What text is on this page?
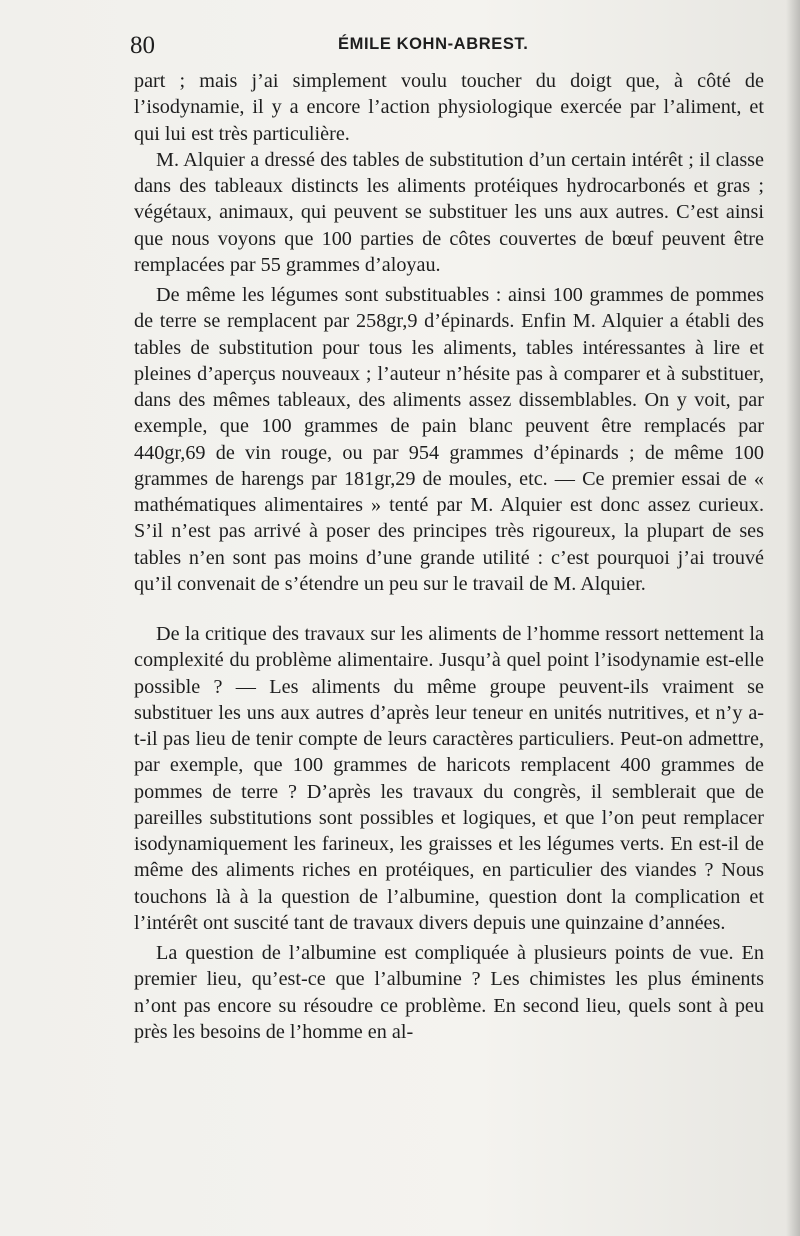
80	ÉMILE KOHN-ABREST.

part ; mais j’ai simplement voulu toucher du doigt que, à côté de l’isodynamie, il y a encore l’action physiologique exercée par l’aliment, et qui lui est très particulière.

M. Alquier a dressé des tables de substitution d’un certain intérêt ; il classe dans des tableaux distincts les aliments protéiques hydrocarbonés et gras ; végétaux, animaux, qui peuvent se substituer les uns aux autres. C’est ainsi que nous voyons que 100 parties de côtes couvertes de bœuf peuvent être remplacées par 55 grammes d’aloyau.

De même les légumes sont substituables : ainsi 100 grammes de pommes de terre se remplacent par 258gr,9 d’épinards. Enfin M. Alquier a établi des tables de substitution pour tous les aliments, tables intéressantes à lire et pleines d’aperçus nouveaux ; l’auteur n’hésite pas à comparer et à substituer, dans des mêmes tableaux, des aliments assez dissemblables. On y voit, par exemple, que 100 grammes de pain blanc peuvent être remplacés par 440gr,69 de vin rouge, ou par 954 grammes d’épinards ; de même 100 grammes de harengs par 181gr,29 de moules, etc. — Ce premier essai de « mathématiques alimentaires » tenté par M. Alquier est donc assez curieux. S’il n’est pas arrivé à poser des principes très rigoureux, la plupart de ses tables n’en sont pas moins d’une grande utilité : c’est pourquoi j’ai trouvé qu’il convenait de s’étendre un peu sur le travail de M. Alquier.

De la critique des travaux sur les aliments de l’homme ressort nettement la complexité du problème alimentaire. Jusqu’à quel point l’isodynamie est-elle possible ? — Les aliments du même groupe peuvent-ils vraiment se substituer les uns aux autres d’après leur teneur en unités nutritives, et n’y a-t-il pas lieu de tenir compte de leurs caractères particuliers. Peut-on admettre, par exemple, que 100 grammes de haricots remplacent 400 grammes de pommes de terre ? D’après les travaux du congrès, il semblerait que de pareilles substitutions sont possibles et logiques, et que l’on peut remplacer isodynamiquement les farineux, les graisses et les légumes verts. En est-il de même des aliments riches en protéiques, en particulier des viandes ? Nous touchons là à la question de l’albumine, question dont la complication et l’intérêt ont suscité tant de travaux divers depuis une quinzaine d’années.

La question de l’albumine est compliquée à plusieurs points de vue. En premier lieu, qu’est-ce que l’albumine ? Les chimistes les plus éminents n’ont pas encore su résoudre ce problème. En second lieu, quels sont à peu près les besoins de l’homme en al-
